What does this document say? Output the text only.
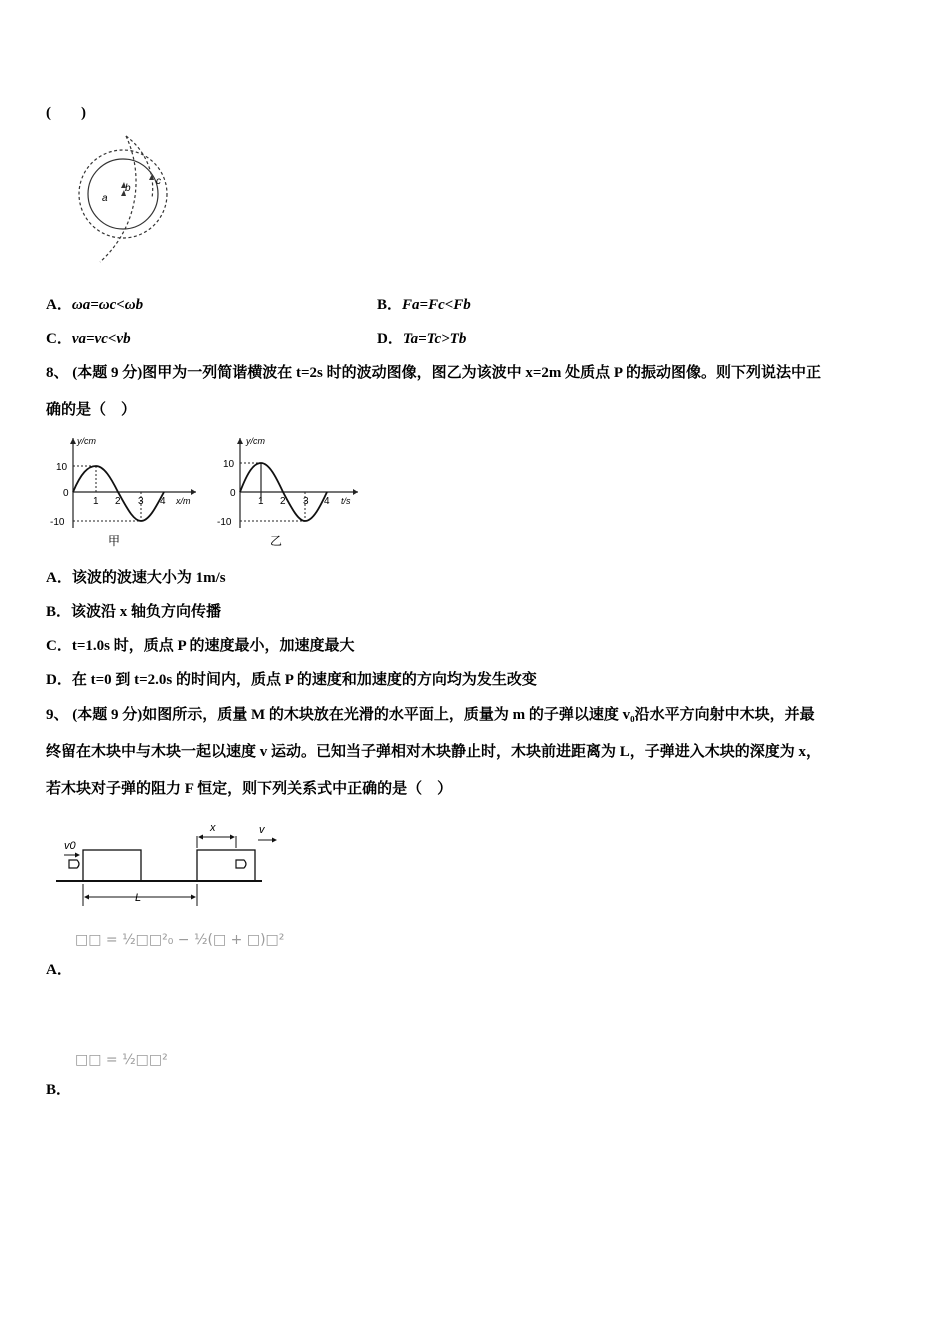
(　　)
a
b
c
A．ωa=ωc<ωb	B．Fa=Fc<Fb
C．va=vc<vb	D．Ta=Tc>Tb
8、 (本题 9 分)图甲为一列简谐横波在 t=2s 时的波动图像，图乙为该波中 x=2m 处质点 P 的振动图像。则下列说法中正
确的是（　）
y/cm
10
0
-10
1 2 3 4 x/m
甲
y/cm
10
0
-10
1 2 3 4 t/s
乙
A．该波的波速大小为 1m/s
B．该波沿 x 轴负方向传播
C．t=1.0s 时，质点 P 的速度最小，加速度最大
D．在 t=0 到 t=2.0s 的时间内，质点 P 的速度和加速度的方向均为发生改变
9、 (本题 9 分)如图所示，质量 M 的木块放在光滑的水平面上，质量为 m 的子弹以速度 v₀沿水平方向射中木块，并最
终留在木块中与木块一起以速度 v 运动。已知当子弹相对木块静止时，木块前进距离为 L，子弹进入木块的深度为 x，
若木块对子弹的阻力 F 恒定，则下列关系式中正确的是（　）
v0
x	v
L
□□ = ½□□²₀ − ½(□ + □)□²
A．
□□ = ½□□²
B．
